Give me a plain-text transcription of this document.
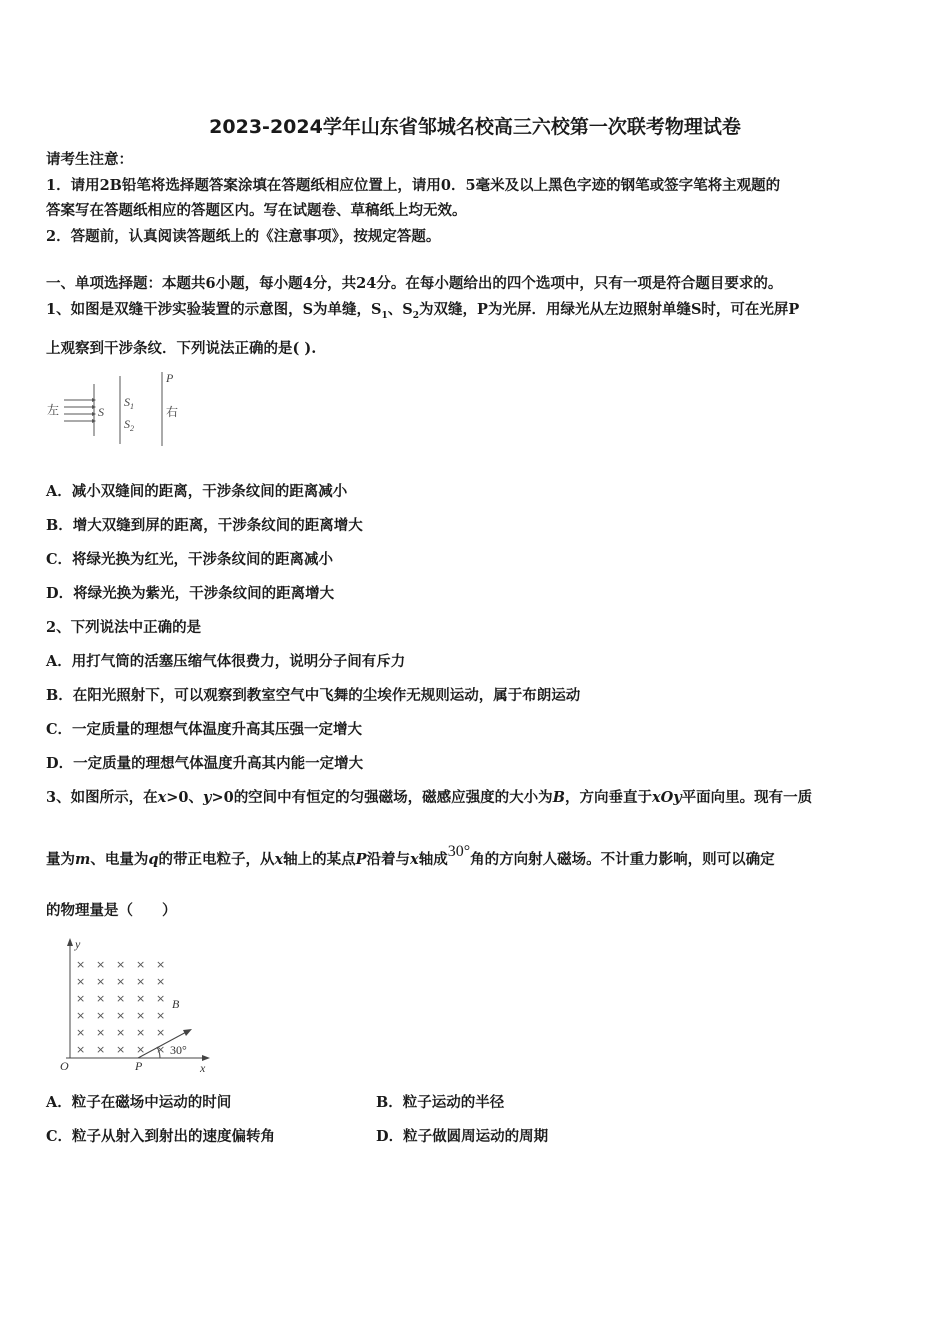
2023-2024学年山东省邹城名校高三六校第一次联考物理试卷
请考生注意：
1．请用2B铅笔将选择题答案涂填在答题纸相应位置上，请用0．5毫米及以上黑色字迹的钢笔或签字笔将主观题的
答案写在答题纸相应的答题区内。写在试题卷、草稿纸上均无效。
2．答题前，认真阅读答题纸上的《注意事项》，按规定答题。
一、单项选择题：本题共6小题，每小题4分，共24分。在每小题给出的四个选项中，只有一项是符合题目要求的。
1、如图是双缝干涉实验装置的示意图，S为单缝，$S_1$、$S_2$为双缝，P为光屏．用绿光从左边照射单缝S时，可在光屏P
上观察到干涉条纹．下列说法正确的是( ).
左	S
$S_1$
$S_2$
P
右
A．减小双缝间的距离，干涉条纹间的距离减小
B．增大双缝到屏的距离，干涉条纹间的距离增大
C．将绿光换为红光，干涉条纹间的距离减小
D．将绿光换为紫光，干涉条纹间的距离增大
2、下列说法中正确的是
A．用打气筒的活塞压缩气体很费力，说明分子间有斥力
B．在阳光照射下，可以观察到教室空气中飞舞的尘埃作无规则运动，属于布朗运动
C．一定质量的理想气体温度升高其压强一定增大
D．一定质量的理想气体温度升高其内能一定增大
3、如图所示，在x>0、y>0的空间中有恒定的匀强磁场，磁感应强度的大小为B，方向垂直于xOy平面向里。现有一质
量为m、电量为q的带正电粒子，从x轴上的某点P沿着与x轴成30°角的方向射人磁场。不计重力影响，则可以确定
的物理量是（　　）
× × × × ×
× × × × ×
× × × × ×
× × × × ×
× × × × ×
× × × × ×
y
B
O	P	x
30°
A．粒子在磁场中运动的时间	B．粒子运动的半径
C．粒子从射入到射出的速度偏转角	D．粒子做圆周运动的周期
